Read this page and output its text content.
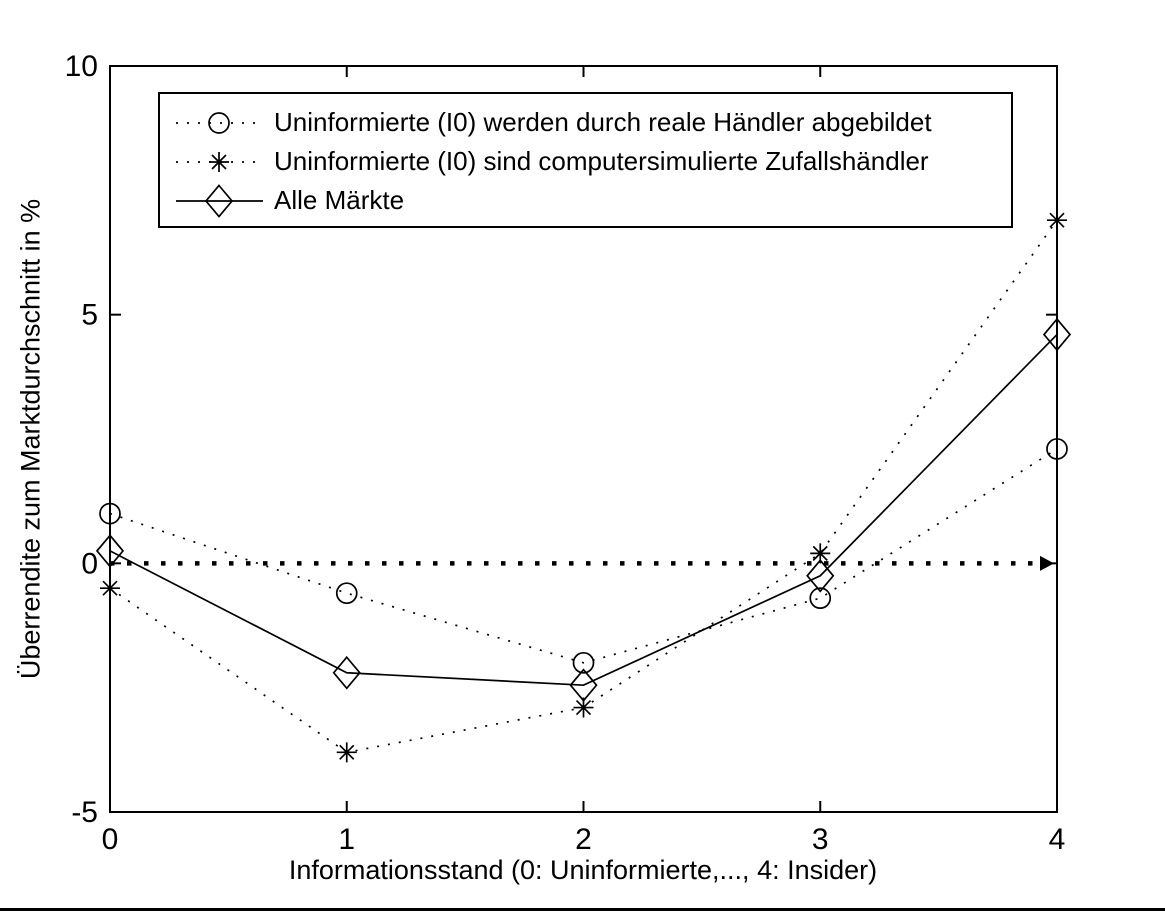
0	1	2	3	4
-5
0
5
10
Uninformierte (I0) werden durch reale Händler abgebildet
Uninformierte (I0) sind computersimulierte Zufallshändler
Alle Märkte
Informationsstand (0: Uninformierte,..., 4: Insider)
Überrendite zum Marktdurchschnitt in %
